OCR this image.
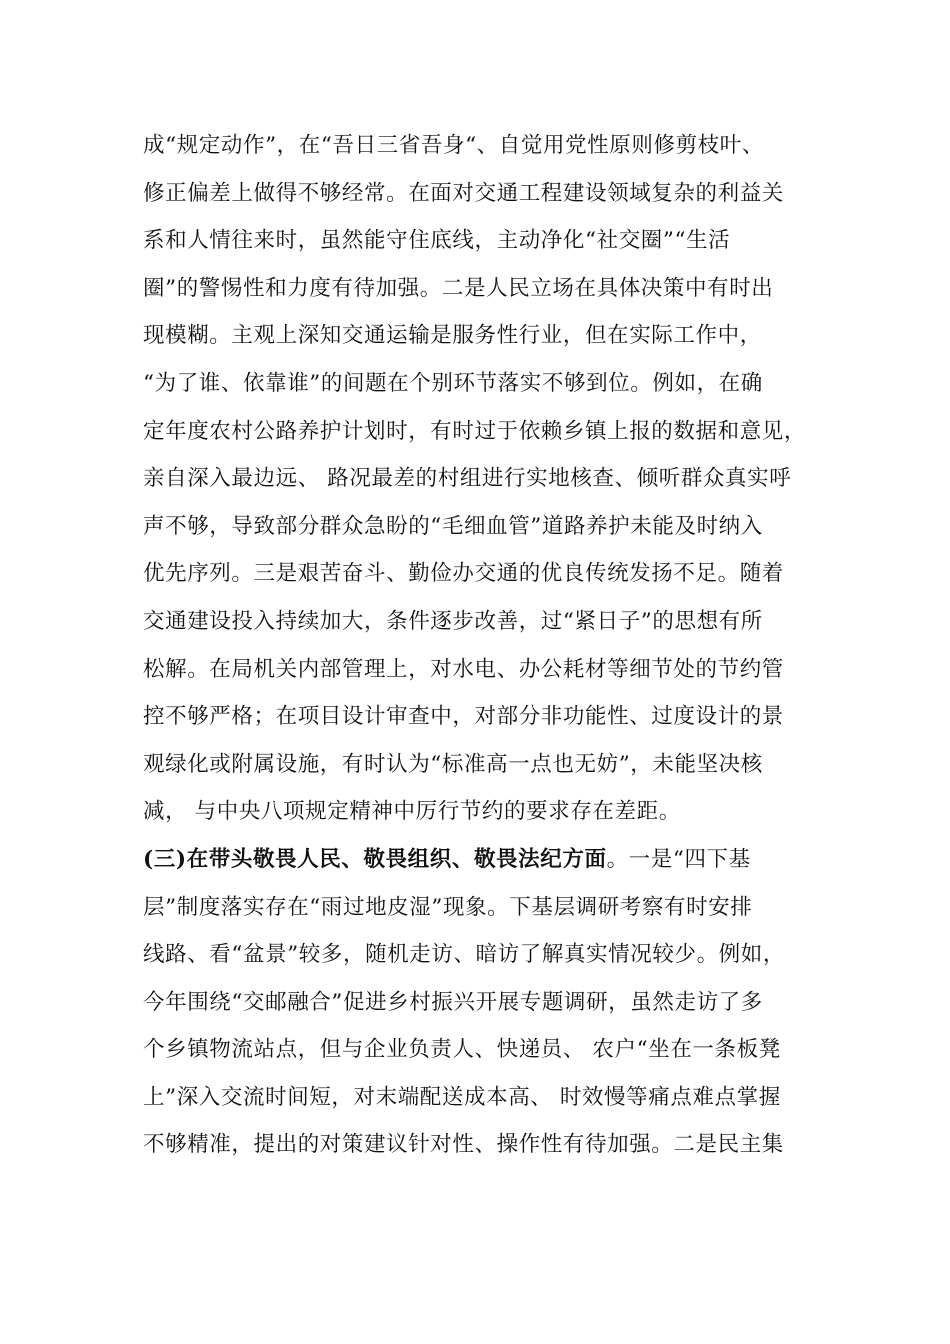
成“规定动作”，在“吾日三省吾身“、自觉用党性原则修剪枝叶、
修正偏差上做得不够经常。在面对交通工程建设领域复杂的利益关
系和人情往来时，虽然能守住底线，主动净化“社交圈”“生活
圈”的警惕性和力度有待加强。二是人民立场在具体决策中有时出
现模糊。主观上深知交通运输是服务性行业，但在实际工作中，
“为了谁、依靠谁”的间题在个别环节落实不够到位。例如，在确
定年度农村公路养护计划时，有时过于依赖乡镇上报的数据和意见，
亲自深入最边远、 路况最差的村组进行实地核查、倾听群众真实呼
声不够，导致部分群众急盼的“毛细血管”道路养护未能及时纳入
优先序列。三是艰苦奋斗、勤俭办交通的优良传统发扬不足。随着
交通建设投入持续加大，条件逐步改善，过“紧日子”的思想有所
松解。在局机关内部管理上，对水电、办公耗材等细节处的节约管
控不够严格；在项目设计审查中，对部分非功能性、过度设计的景
观绿化或附属设施，有时认为“标准高一点也无妨”，未能坚决核
减， 与中央八项规定精神中厉行节约的要求存在差距。
(三)在带头敬畏人民、敬畏组织、敬畏法纪方面。一是“四下基
层”制度落实存在“雨过地皮湿”现象。下基层调研考察有时安排
线路、看“盆景”较多，随机走访、暗访了解真实情况较少。例如，
今年围绕“交邮融合”促进乡村振兴开展专题调研，虽然走访了多
个乡镇物流站点，但与企业负责人、快递员、 农户“坐在一条板凳
上”深入交流时间短，对末端配送成本高、 时效慢等痛点难点掌握
不够精准，提出的对策建议针对性、操作性有待加强。二是民主集
